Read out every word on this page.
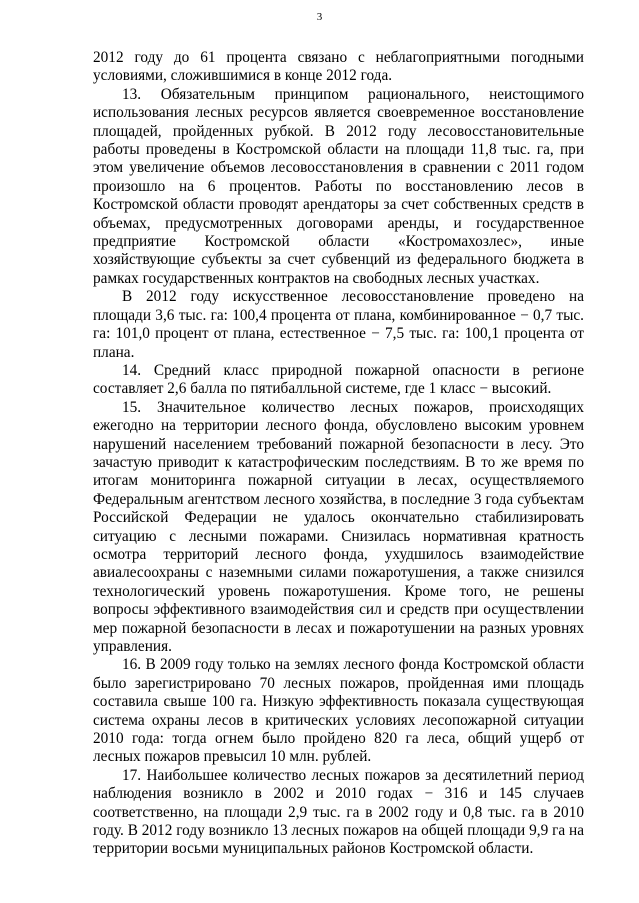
3

2012 году до 61 процента связано с неблагоприятными погодными условиями, сложившимися в конце 2012 года.

13. Обязательным принципом рационального, неистощимого использования лесных ресурсов является своевременное восстановление площадей, пройденных рубкой. В 2012 году лесовосстановительные работы проведены в Костромской области на площади 11,8 тыс. га, при этом увеличение объемов лесовосстановления в сравнении с 2011 годом произошло на 6 процентов. Работы по восстановлению лесов в Костромской области проводят арендаторы за счет собственных средств в объемах, предусмотренных договорами аренды, и государственное предприятие Костромской области «Костромахозлес», иные хозяйствующие субъекты за счет субвенций из федерального бюджета в рамках государственных контрактов на свободных лесных участках.

В 2012 году искусственное лесовосстановление проведено на площади 3,6 тыс. га: 100,4 процента от плана, комбинированное − 0,7 тыс. га: 101,0 процент от плана, естественное − 7,5 тыс. га: 100,1 процента от плана.

14. Средний класс природной пожарной опасности в регионе составляет 2,6 балла по пятибалльной системе, где 1 класс − высокий.

15. Значительное количество лесных пожаров, происходящих ежегодно на территории лесного фонда, обусловлено высоким уровнем нарушений населением требований пожарной безопасности в лесу. Это зачастую приводит к катастрофическим последствиям. В то же время по итогам мониторинга пожарной ситуации в лесах, осуществляемого Федеральным агентством лесного хозяйства, в последние 3 года субъектам Российской Федерации не удалось окончательно стабилизировать ситуацию с лесными пожарами. Снизилась нормативная кратность осмотра территорий лесного фонда, ухудшилось взаимодействие авиалесоохраны с наземными силами пожаротушения, а также снизился технологический уровень пожаротушения. Кроме того, не решены вопросы эффективного взаимодействия сил и средств при осуществлении мер пожарной безопасности в лесах и пожаротушении на разных уровнях управления.

16. В 2009 году только на землях лесного фонда Костромской области было зарегистрировано 70 лесных пожаров, пройденная ими площадь составила свыше 100 га. Низкую эффективность показала существующая система охраны лесов в критических условиях лесопожарной ситуации 2010 года: тогда огнем было пройдено 820 га леса, общий ущерб от лесных пожаров превысил 10 млн. рублей.

17. Наибольшее количество лесных пожаров за десятилетний период наблюдения возникло в 2002 и 2010 годах − 316 и 145 случаев соответственно, на площади 2,9 тыс. га в 2002 году и 0,8 тыс. га в 2010 году. В 2012 году возникло 13 лесных пожаров на общей площади 9,9 га на территории восьми муниципальных районов Костромской области.
